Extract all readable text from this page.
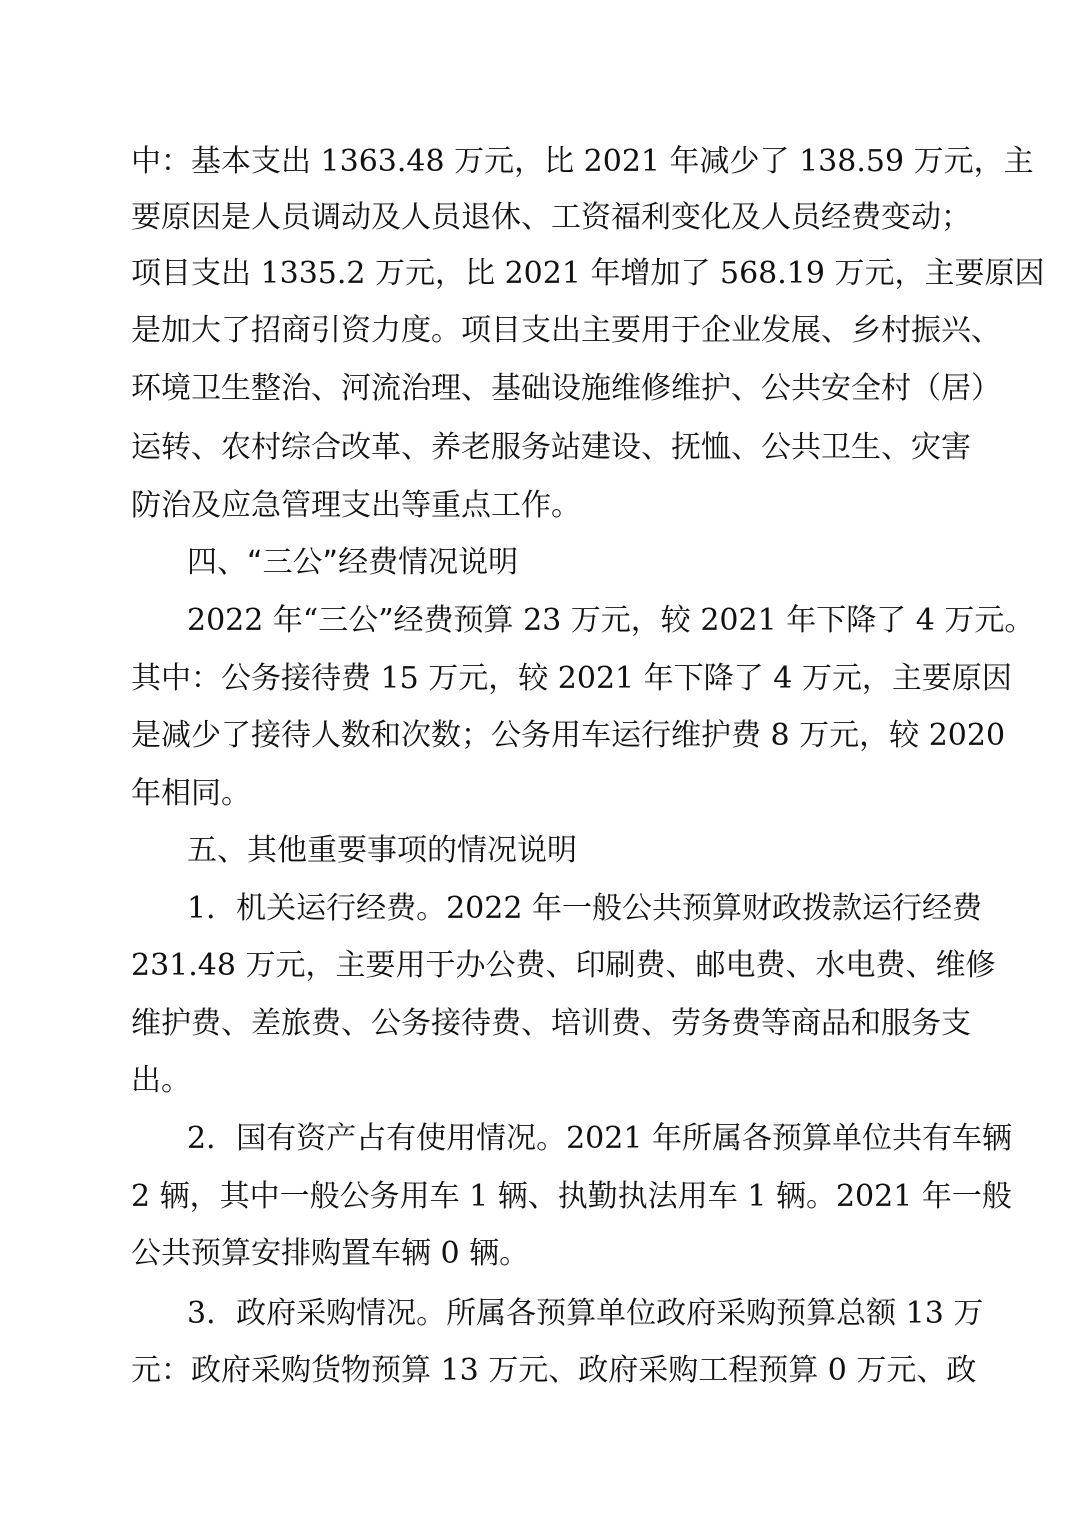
中：基本支出 1363.48 万元，比 2021 年减少了 138.59 万元，主
要原因是人员调动及人员退休、工资福利变化及人员经费变动；
项目支出 1335.2 万元，比 2021 年增加了 568.19 万元，主要原因
是加大了招商引资力度。项目支出主要用于企业发展、乡村振兴、
环境卫生整治、河流治理、基础设施维修维护、公共安全村（居）
运转、农村综合改革、养老服务站建设、抚恤、公共卫生、灾害
防治及应急管理支出等重点工作。
四、“三公”经费情况说明
2022 年“三公”经费预算 23 万元，较 2021 年下降了 4 万元。
其中：公务接待费 15 万元，较 2021 年下降了 4 万元，主要原因
是减少了接待人数和次数；公务用车运行维护费 8 万元，较 2020
年相同。
五、其他重要事项的情况说明
1．机关运行经费。2022 年一般公共预算财政拨款运行经费
231.48 万元，主要用于办公费、印刷费、邮电费、水电费、维修
维护费、差旅费、公务接待费、培训费、劳务费等商品和服务支
出。
2．国有资产占有使用情况。2021 年所属各预算单位共有车辆
2 辆，其中一般公务用车 1 辆、执勤执法用车 1 辆。2021 年一般
公共预算安排购置车辆 0 辆。
3．政府采购情况。所属各预算单位政府采购预算总额 13 万
元：政府采购货物预算 13 万元、政府采购工程预算 0 万元、政
